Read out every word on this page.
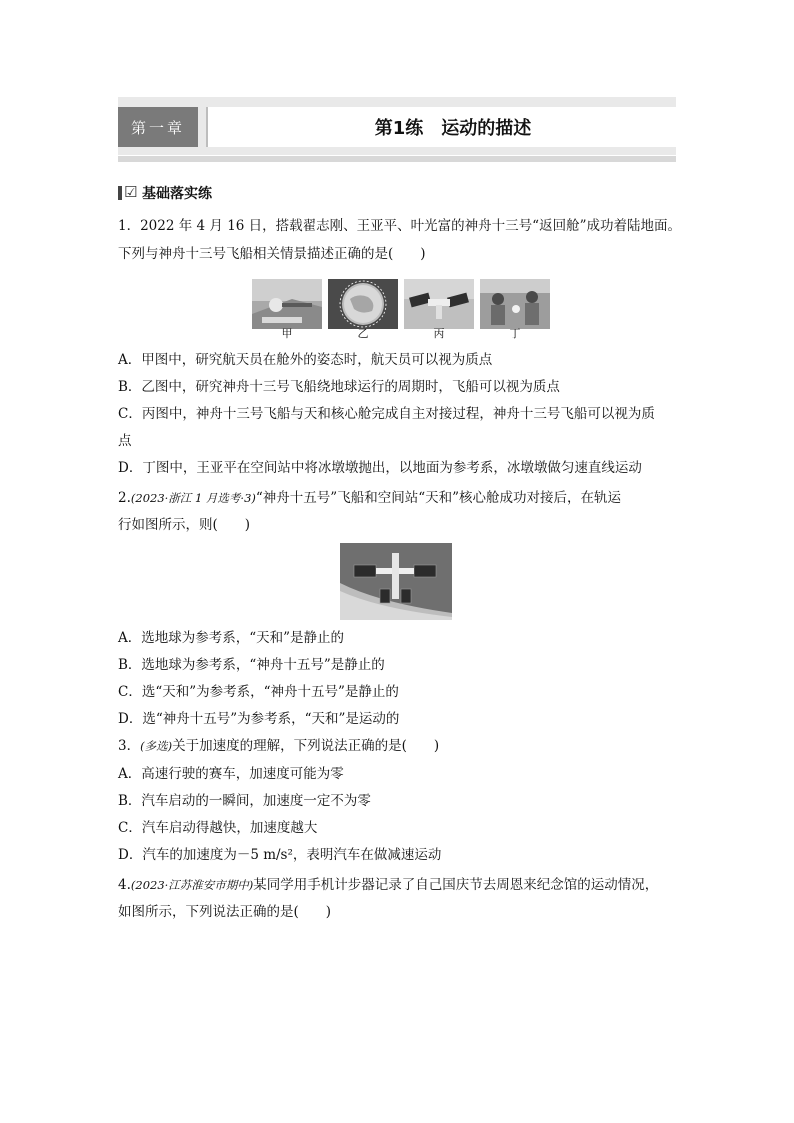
第一章	第1练　运动的描述
☑ 基础落实练
1．2022 年 4 月 16 日，搭载翟志刚、王亚平、叶光富的神舟十三号“返回舱”成功着陆地面。
下列与神舟十三号飞船相关情景描述正确的是(　　)
甲	乙	丙	丁
A．甲图中，研究航天员在舱外的姿态时，航天员可以视为质点
B．乙图中，研究神舟十三号飞船绕地球运行的周期时，飞船可以视为质点
C．丙图中，神舟十三号飞船与天和核心舱完成自主对接过程，神舟十三号飞船可以视为质
点
D．丁图中，王亚平在空间站中将冰墩墩抛出，以地面为参考系，冰墩墩做匀速直线运动
2.(2023·浙江 1 月选考·3)“神舟十五号”飞船和空间站“天和”核心舱成功对接后，在轨运
行如图所示，则(　　)
A．选地球为参考系，“天和”是静止的
B．选地球为参考系，“神舟十五号”是静止的
C．选“天和”为参考系，“神舟十五号”是静止的
D．选“神舟十五号”为参考系，“天和”是运动的
3．(多选)关于加速度的理解，下列说法正确的是(　　)
A．高速行驶的赛车，加速度可能为零
B．汽车启动的一瞬间，加速度一定不为零
C．汽车启动得越快，加速度越大
D．汽车的加速度为－5 m/s²，表明汽车在做减速运动
4.(2023·江苏淮安市期中)某同学用手机计步器记录了自己国庆节去周恩来纪念馆的运动情况，
如图所示，下列说法正确的是(　　)
